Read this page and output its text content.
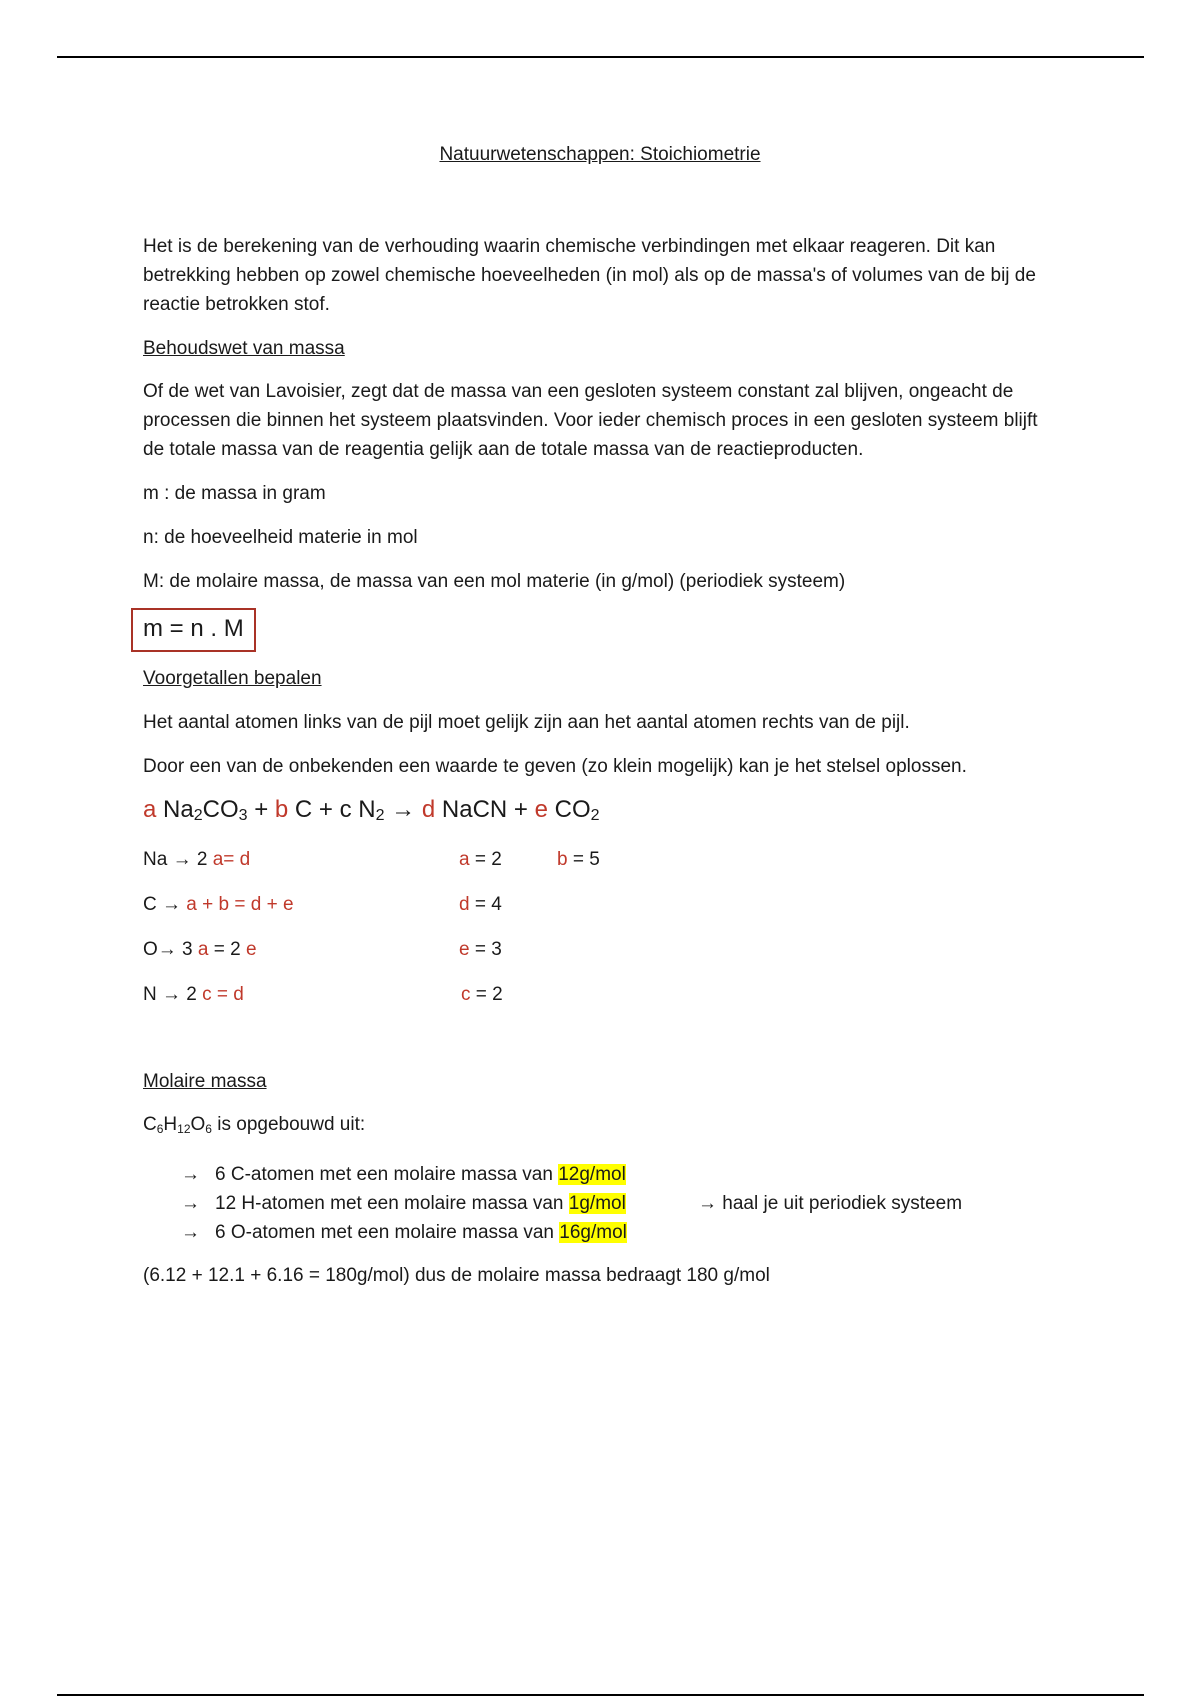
Natuurwetenschappen: Stoichiometrie

Het is de berekening van de verhouding waarin chemische verbindingen met elkaar reageren. Dit kan betrekking hebben op zowel chemische hoeveelheden (in mol) als op de massa's of volumes van de bij de reactie betrokken stof.

Behoudswet van massa

Of de wet van Lavoisier, zegt dat de massa van een gesloten systeem constant zal blijven, ongeacht de processen die binnen het systeem plaatsvinden. Voor ieder chemisch proces in een gesloten systeem blijft de totale massa van de reagentia gelijk aan de totale massa van de reactieproducten.

m : de massa in gram

n: de hoeveelheid materie in mol

M: de molaire massa, de massa van een mol materie (in g/mol) (periodiek systeem)

m = n . M

Voorgetallen bepalen

Het aantal atomen links van de pijl moet gelijk zijn aan het aantal atomen rechts van de pijl.

Door een van de onbekenden een waarde te geven (zo klein mogelijk) kan je het stelsel oplossen.

a Na2CO3 + b C + c N2 → d NaCN + e CO2
Na → 2 a= d	a = 2	b = 5
C → a + b = d + e	d = 4
O→ 3 a = 2 e	e = 3
N → 2 c = d	c = 2

Molaire massa

C6H12O6 is opgebouwd uit:

→ 6 C-atomen met een molaire massa van 12g/mol
→ 12 H-atomen met een molaire massa van 1g/mol
→ 6 O-atomen met een molaire massa van 16g/mol
→ haal je uit periodiek systeem

(6.12 + 12.1 + 6.16 = 180g/mol) dus de molaire massa bedraagt 180 g/mol
